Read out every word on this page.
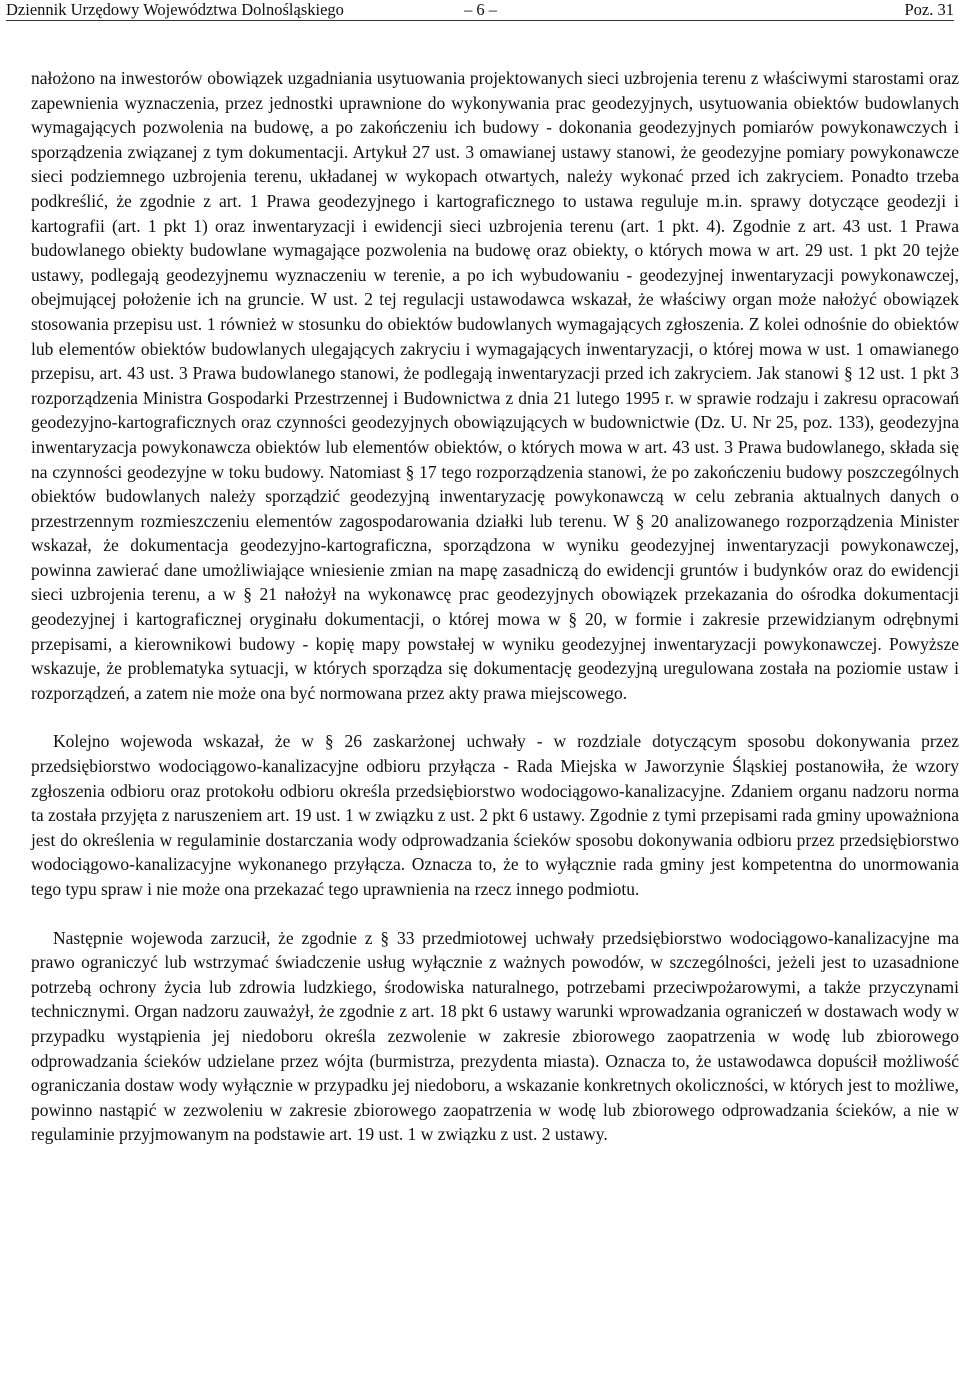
Dziennik Urzędowy Województwa Dolnośląskiego	– 6 –	Poz. 31

nałożono na inwestorów obowiązek uzgadniania usytuowania projektowanych sieci uzbrojenia terenu z właściwymi starostami oraz zapewnienia wyznaczenia, przez jednostki uprawnione do wykonywania prac geodezyjnych, usytuowania obiektów budowlanych wymagających pozwolenia na budowę, a po zakończeniu ich budowy - dokonania geodezyjnych pomiarów powykonawczych i sporządzenia związanej z tym dokumentacji. Artykuł 27 ust. 3 omawianej ustawy stanowi, że geodezyjne pomiary powykonawcze sieci podziemnego uzbrojenia terenu, układanej w wykopach otwartych, należy wykonać przed ich zakryciem. Ponadto trzeba podkreślić, że zgodnie z art. 1 Prawa geodezyjnego i kartograficznego to ustawa reguluje m.in. sprawy dotyczące geodezji i kartografii (art. 1 pkt 1) oraz inwentaryzacji i ewidencji sieci uzbrojenia terenu (art. 1 pkt. 4). Zgodnie z art. 43 ust. 1 Prawa budowlanego obiekty budowlane wymagające pozwolenia na budowę oraz obiekty, o których mowa w art. 29 ust. 1 pkt 20 tejże ustawy, podlegają geodezyjnemu wyznaczeniu w terenie, a po ich wybudowaniu - geodezyjnej inwentaryzacji powykonawczej, obejmującej położenie ich na gruncie. W ust. 2 tej regulacji ustawodawca wskazał, że właściwy organ może nałożyć obowiązek stosowania przepisu ust. 1 również w stosunku do obiektów budowlanych wymagających zgłoszenia. Z kolei odnośnie do obiektów lub elementów obiektów budowlanych ulegających zakryciu i wymagających inwentaryzacji, o której mowa w ust. 1 omawianego przepisu, art. 43 ust. 3 Prawa budowlanego stanowi, że podlegają inwentaryzacji przed ich zakryciem. Jak stanowi § 12 ust. 1 pkt 3 rozporządzenia Ministra Gospodarki Przestrzennej i Budownictwa z dnia 21 lutego 1995 r. w sprawie rodzaju i zakresu opracowań geodezyjno-kartograficznych oraz czynności geodezyjnych obowiązujących w budownictwie (Dz. U. Nr 25, poz. 133), geodezyjna inwentaryzacja powykonawcza obiektów lub elementów obiektów, o których mowa w art. 43 ust. 3 Prawa budowlanego, składa się na czynności geodezyjne w toku budowy. Natomiast § 17 tego rozporządzenia stanowi, że po zakończeniu budowy poszczególnych obiektów budowlanych należy sporządzić geodezyjną inwentaryzację powykonawczą w celu zebrania aktualnych danych o przestrzennym rozmieszczeniu elementów zagospodarowania działki lub terenu. W § 20 analizowanego rozporządzenia Minister wskazał, że dokumentacja geodezyjno-kartograficzna, sporządzona w wyniku geodezyjnej inwentaryzacji powykonawczej, powinna zawierać dane umożliwiające wniesienie zmian na mapę zasadniczą do ewidencji gruntów i budynków oraz do ewidencji sieci uzbrojenia terenu, a w § 21 nałożył na wykonawcę prac geodezyjnych obowiązek przekazania do ośrodka dokumentacji geodezyjnej i kartograficznej oryginału dokumentacji, o której mowa w § 20, w formie i zakresie przewidzianym odrębnymi przepisami, a kierownikowi budowy - kopię mapy powstałej w wyniku geodezyjnej inwentaryzacji powykonawczej. Powyższe wskazuje, że problematyka sytuacji, w których sporządza się dokumentację geodezyjną uregulowana została na poziomie ustaw i rozporządzeń, a zatem nie może ona być normowana przez akty prawa miejscowego.

Kolejno wojewoda wskazał, że w § 26 zaskarżonej uchwały - w rozdziale dotyczącym sposobu dokonywania przez przedsiębiorstwo wodociągowo-kanalizacyjne odbioru przyłącza - Rada Miejska w Jaworzynie Śląskiej postanowiła, że wzory zgłoszenia odbioru oraz protokołu odbioru określa przedsiębiorstwo wodociągowo-kanalizacyjne. Zdaniem organu nadzoru norma ta została przyjęta z naruszeniem art. 19 ust. 1 w związku z ust. 2 pkt 6 ustawy. Zgodnie z tymi przepisami rada gminy upoważniona jest do określenia w regulaminie dostarczania wody odprowadzania ścieków sposobu dokonywania odbioru przez przedsiębiorstwo wodociągowo-kanalizacyjne wykonanego przyłącza. Oznacza to, że to wyłącznie rada gminy jest kompetentna do unormowania tego typu spraw i nie może ona przekazać tego uprawnienia na rzecz innego podmiotu.

Następnie wojewoda zarzucił, że zgodnie z § 33 przedmiotowej uchwały przedsiębiorstwo wodociągowo-kanalizacyjne ma prawo ograniczyć lub wstrzymać świadczenie usług wyłącznie z ważnych powodów, w szczególności, jeżeli jest to uzasadnione potrzebą ochrony życia lub zdrowia ludzkiego, środowiska naturalnego, potrzebami przeciwpożarowymi, a także przyczynami technicznymi. Organ nadzoru zauważył, że zgodnie z art. 18 pkt 6 ustawy warunki wprowadzania ograniczeń w dostawach wody w przypadku wystąpienia jej niedoboru określa zezwolenie w zakresie zbiorowego zaopatrzenia w wodę lub zbiorowego odprowadzania ścieków udzielane przez wójta (burmistrza, prezydenta miasta). Oznacza to, że ustawodawca dopuścił możliwość ograniczania dostaw wody wyłącznie w przypadku jej niedoboru, a wskazanie konkretnych okoliczności, w których jest to możliwe, powinno nastąpić w zezwoleniu w zakresie zbiorowego zaopatrzenia w wodę lub zbiorowego odprowadzania ścieków, a nie w regulaminie przyjmowanym na podstawie art. 19 ust. 1 w związku z ust. 2 ustawy.
